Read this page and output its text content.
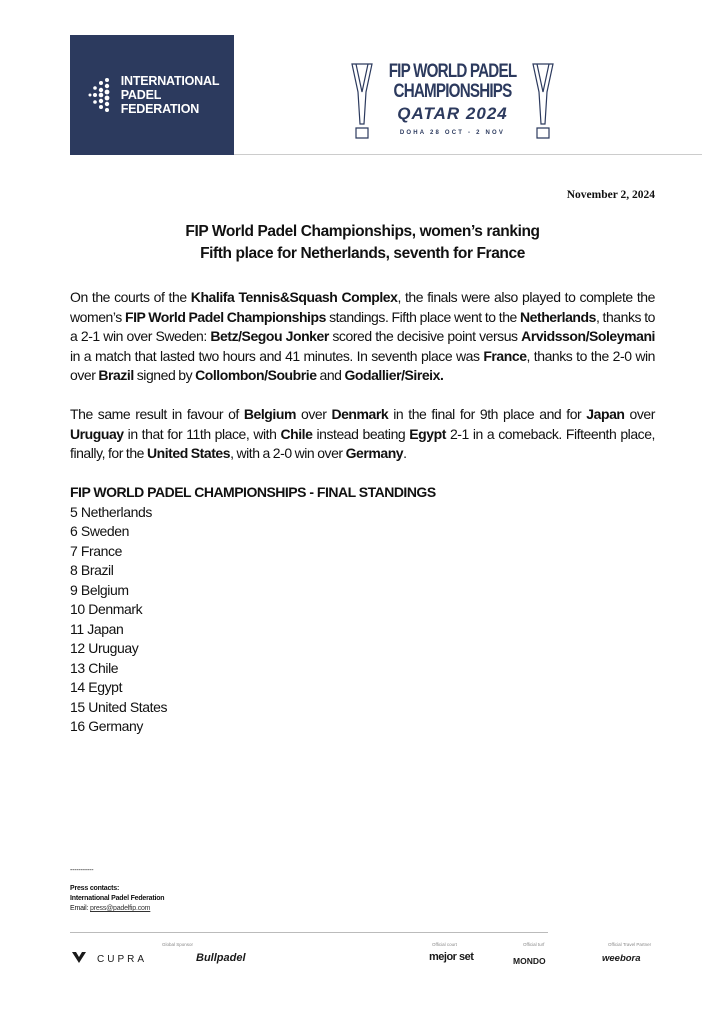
INTERNATIONAL
PADEL
FEDERATION
FIP WORLD PADEL
CHAMPIONSHIPS
QATAR 2024
DOHA 28 OCT - 2 NOV
November 2, 2024
FIP World Padel Championships, women’s ranking
Fifth place for Netherlands, seventh for France

On the courts of the Khalifa Tennis&Squash Complex, the finals were also played to complete the women’s FIP World Padel Championships standings. Fifth place went to the Netherlands, thanks to a 2-1 win over Sweden: Betz/Segou Jonker scored the decisive point versus Arvidsson/Soleymani in a match that lasted two hours and 41 minutes. In seventh place was France, thanks to the 2-0 win over Brazil signed by Collombon/Soubrie and Godallier/Sireix.

The same result in favour of Belgium over Denmark in the final for 9th place and for Japan over Uruguay in that for 11th place, with Chile instead beating Egypt 2-1 in a comeback. Fifteenth place, finally, for the United States, with a 2-0 win over Germany.

FIP WORLD PADEL CHAMPIONSHIPS - FINAL STANDINGS
5 Netherlands
6 Sweden
7 France
8 Brazil
9 Belgium
10 Denmark
11 Japan
12 Uruguay
13 Chile
14 Egypt
15 United States
16 Germany
-----------
Press contacts:
International Padel Federation
Email: press@padelfip.com
Global Sponsor	Official court	Official turf	Official Travel Partner
CUPRA	Bullpadel	mejor set	MONDO	weebora
